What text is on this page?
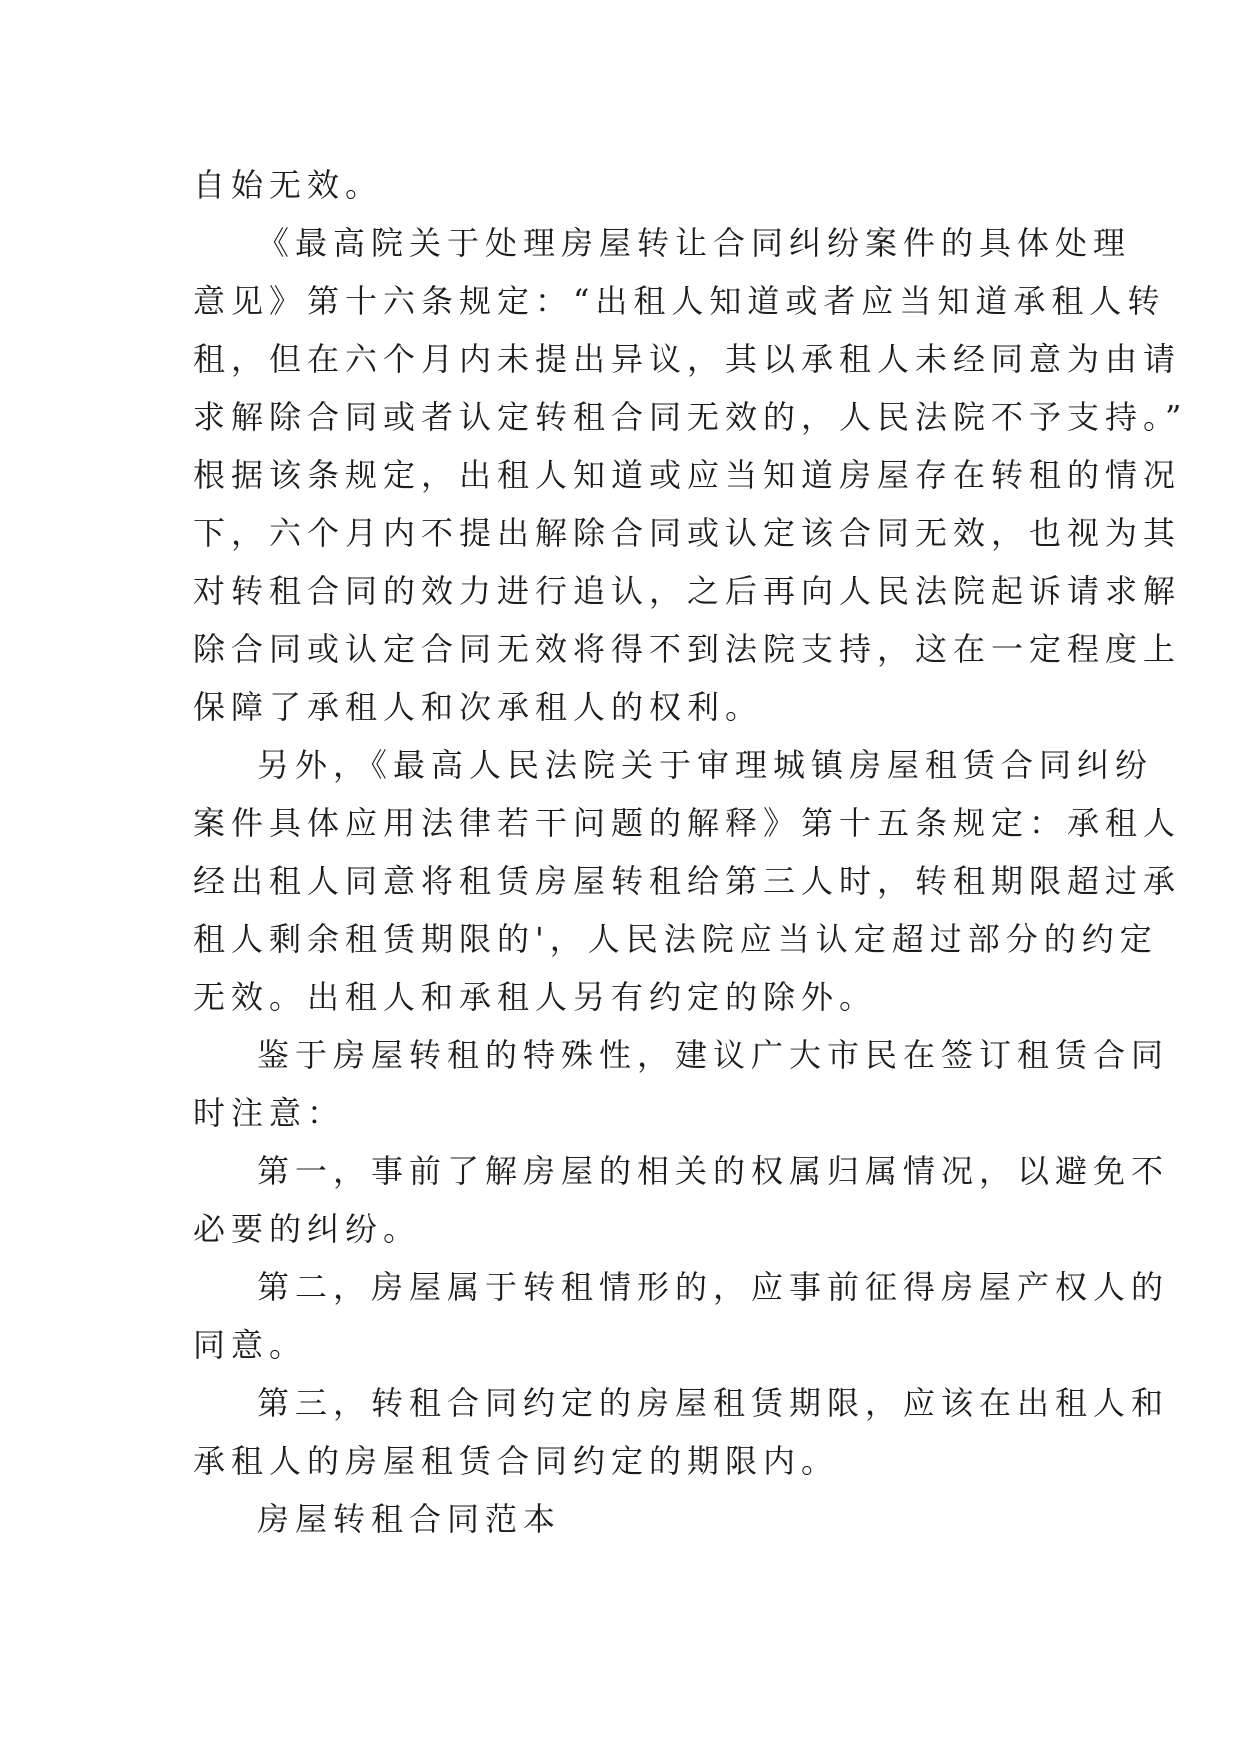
自始无效。
《最高院关于处理房屋转让合同纠纷案件的具体处理
意见》第十六条规定：“出租人知道或者应当知道承租人转
租，但在六个月内未提出异议，其以承租人未经同意为由请
求解除合同或者认定转租合同无效的，人民法院不予支持。”
根据该条规定，出租人知道或应当知道房屋存在转租的情况
下，六个月内不提出解除合同或认定该合同无效，也视为其
对转租合同的效力进行追认，之后再向人民法院起诉请求解
除合同或认定合同无效将得不到法院支持，这在一定程度上
保障了承租人和次承租人的权利。
另外，《最高人民法院关于审理城镇房屋租赁合同纠纷
案件具体应用法律若干问题的解释》第十五条规定：承租人
经出租人同意将租赁房屋转租给第三人时，转租期限超过承
租人剩余租赁期限的'，人民法院应当认定超过部分的约定
无效。出租人和承租人另有约定的除外。
鉴于房屋转租的特殊性，建议广大市民在签订租赁合同
时注意：
第一，事前了解房屋的相关的权属归属情况，以避免不
必要的纠纷。
第二，房屋属于转租情形的，应事前征得房屋产权人的
同意。
第三，转租合同约定的房屋租赁期限，应该在出租人和
承租人的房屋租赁合同约定的期限内。
房屋转租合同范本
